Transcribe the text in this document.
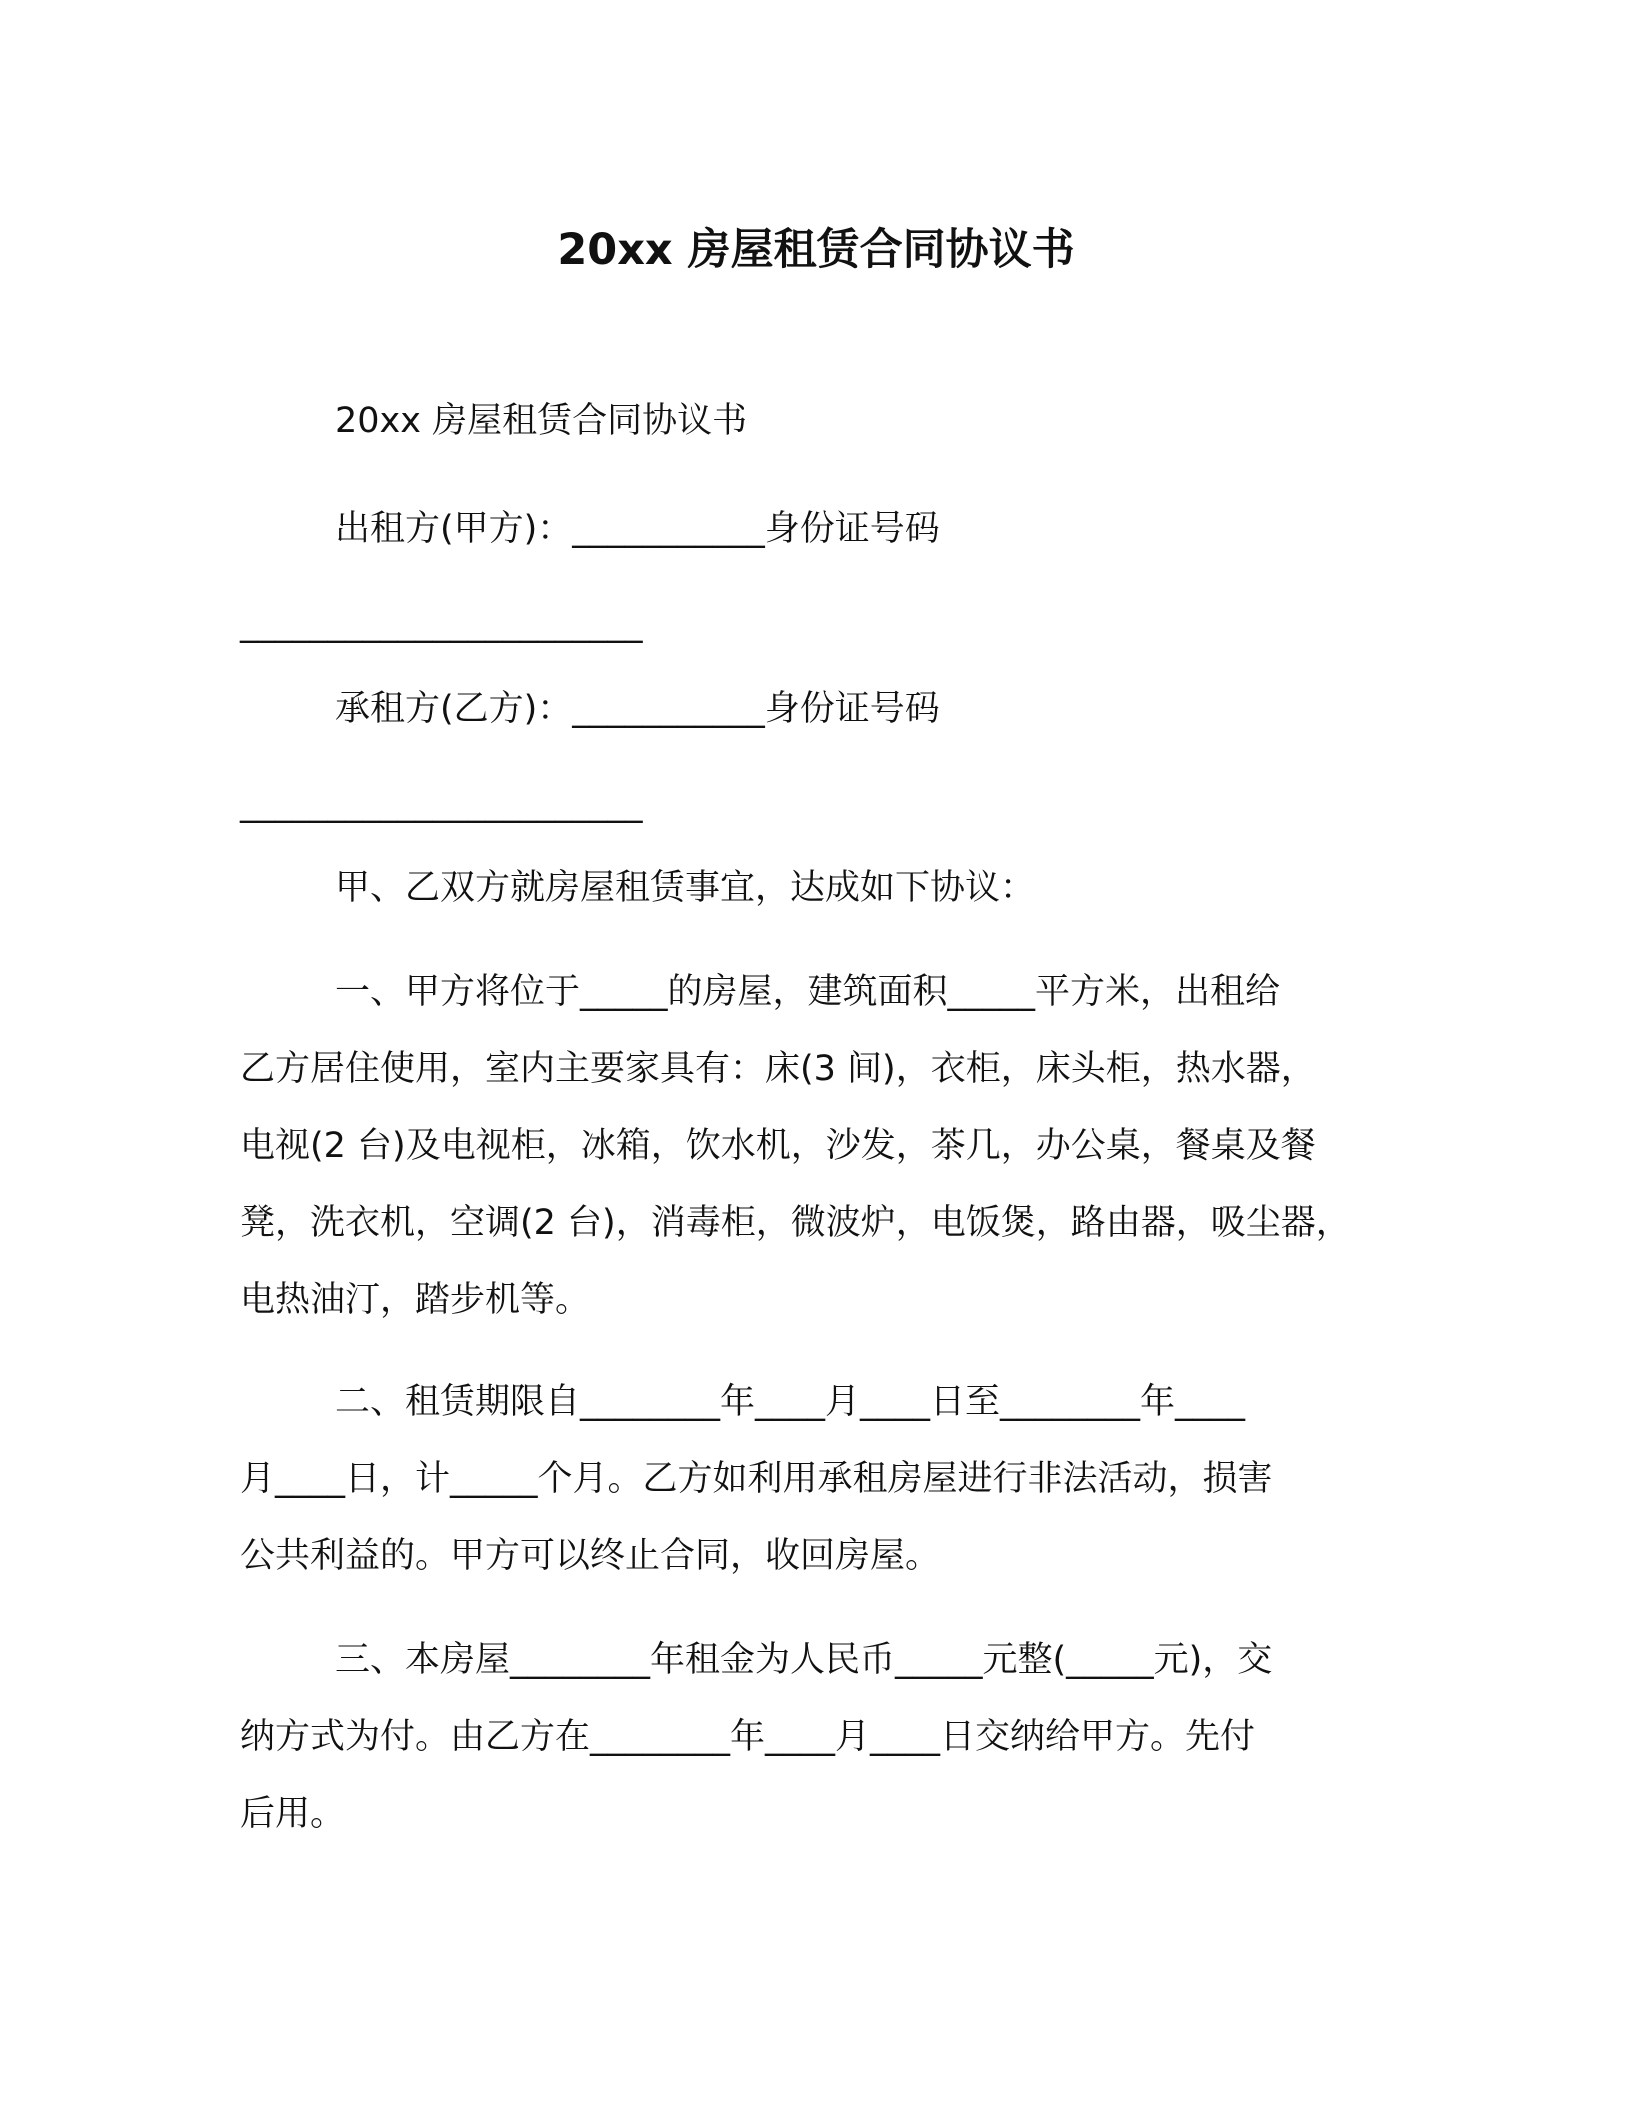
20xx 房屋租赁合同协议书
20xx 房屋租赁合同协议书
出租方(甲方)：___________身份证号码
_______________________
承租方(乙方)：___________身份证号码
_______________________
甲、乙双方就房屋租赁事宜，达成如下协议：
一、甲方将位于_____的房屋，建筑面积_____平方米，出租给
乙方居住使用，室内主要家具有：床(3 间)，衣柜，床头柜，热水器，
电视(2 台)及电视柜，冰箱，饮水机，沙发，茶几，办公桌，餐桌及餐
凳，洗衣机，空调(2 台)，消毒柜，微波炉，电饭煲，路由器，吸尘器，
电热油汀，踏步机等。
二、租赁期限自________年____月____日至________年____
月____日，计_____个月。乙方如利用承租房屋进行非法活动，损害
公共利益的。甲方可以终止合同，收回房屋。
三、本房屋________年租金为人民币_____元整(_____元)，交
纳方式为付。由乙方在________年____月____日交纳给甲方。先付
后用。
